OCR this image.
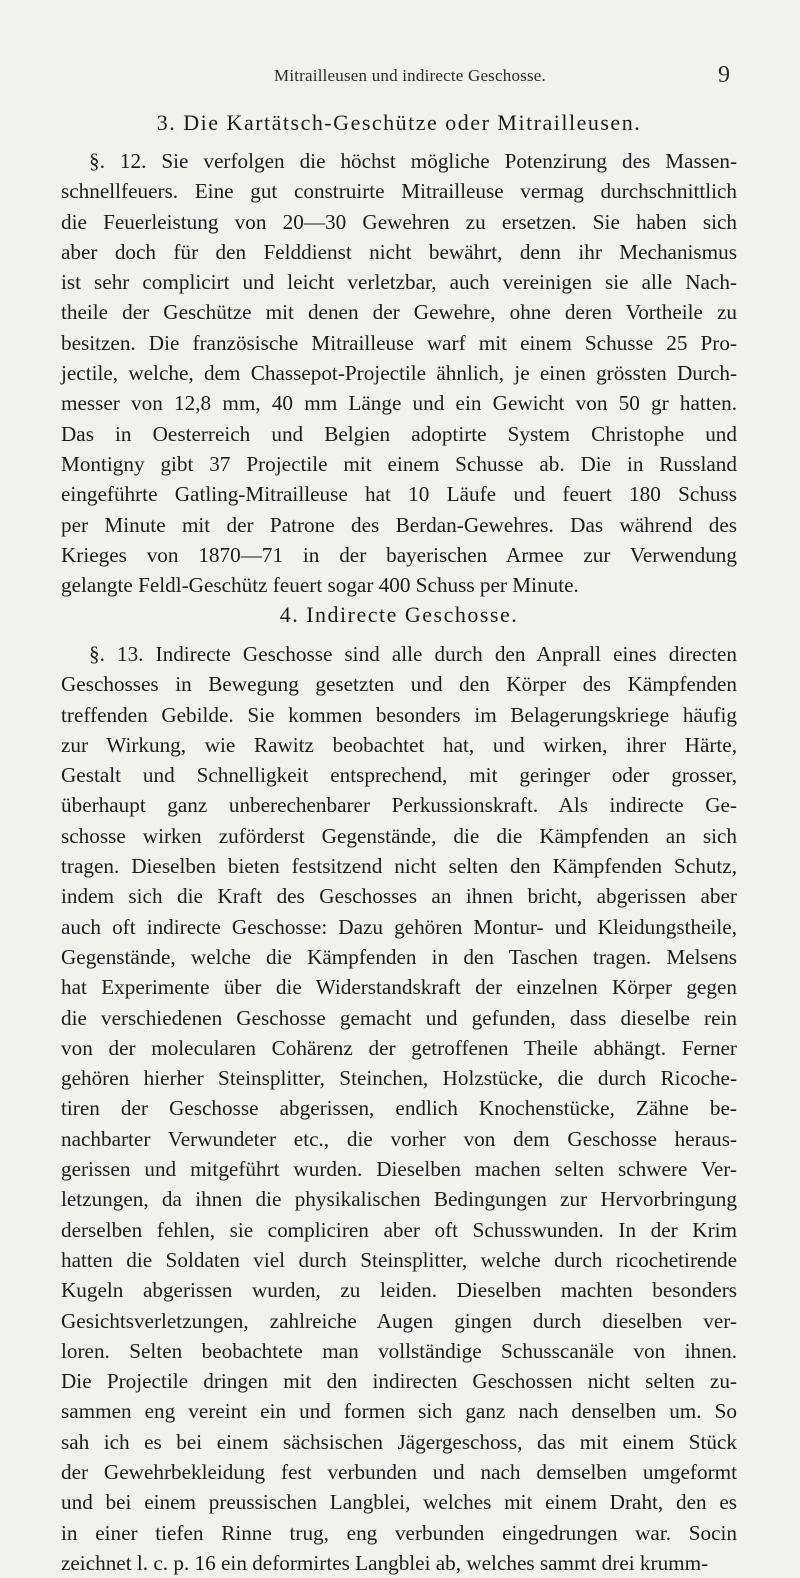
Mitrailleusen und indirecte Geschosse.	9
3. Die Kartätsch-Geschütze oder Mitrailleusen.
§. 12. Sie verfolgen die höchst mögliche Potenzirung des Massen-
schnellfeuers. Eine gut construirte Mitrailleuse vermag durchschnittlich
die Feuerleistung von 20—30 Gewehren zu ersetzen. Sie haben sich
aber doch für den Felddienst nicht bewährt, denn ihr Mechanismus
ist sehr complicirt und leicht verletzbar, auch vereinigen sie alle Nach-
theile der Geschütze mit denen der Gewehre, ohne deren Vortheile zu
besitzen. Die französische Mitrailleuse warf mit einem Schusse 25 Pro-
jectile, welche, dem Chassepot-Projectile ähnlich, je einen grössten Durch-
messer von 12,8 mm, 40 mm Länge und ein Gewicht von 50 gr hatten.
Das in Oesterreich und Belgien adoptirte System Christophe und
Montigny gibt 37 Projectile mit einem Schusse ab. Die in Russland
eingeführte Gatling-Mitrailleuse hat 10 Läufe und feuert 180 Schuss
per Minute mit der Patrone des Berdan-Gewehres. Das während des
Krieges von 1870—71 in der bayerischen Armee zur Verwendung
gelangte Feldl-Geschütz feuert sogar 400 Schuss per Minute.
4. Indirecte Geschosse.
§. 13. Indirecte Geschosse sind alle durch den Anprall eines directen
Geschosses in Bewegung gesetzten und den Körper des Kämpfenden
treffenden Gebilde. Sie kommen besonders im Belagerungskriege häufig
zur Wirkung, wie Rawitz beobachtet hat, und wirken, ihrer Härte,
Gestalt und Schnelligkeit entsprechend, mit geringer oder grosser,
überhaupt ganz unberechenbarer Perkussionskraft. Als indirecte Ge-
schosse wirken zuförderst Gegenstände, die die Kämpfenden an sich
tragen. Dieselben bieten festsitzend nicht selten den Kämpfenden Schutz,
indem sich die Kraft des Geschosses an ihnen bricht, abgerissen aber
auch oft indirecte Geschosse: Dazu gehören Montur- und Kleidungstheile,
Gegenstände, welche die Kämpfenden in den Taschen tragen. Melsens
hat Experimente über die Widerstandskraft der einzelnen Körper gegen
die verschiedenen Geschosse gemacht und gefunden, dass dieselbe rein
von der molecularen Cohärenz der getroffenen Theile abhängt. Ferner
gehören hierher Steinsplitter, Steinchen, Holzstücke, die durch Ricoche-
tiren der Geschosse abgerissen, endlich Knochenstücke, Zähne be-
nachbarter Verwundeter etc., die vorher von dem Geschosse heraus-
gerissen und mitgeführt wurden. Dieselben machen selten schwere Ver-
letzungen, da ihnen die physikalischen Bedingungen zur Hervorbringung
derselben fehlen, sie compliciren aber oft Schusswunden. In der Krim
hatten die Soldaten viel durch Steinsplitter, welche durch ricochetirende
Kugeln abgerissen wurden, zu leiden. Dieselben machten besonders
Gesichtsverletzungen, zahlreiche Augen gingen durch dieselben ver-
loren. Selten beobachtete man vollständige Schusscanäle von ihnen.
Die Projectile dringen mit den indirecten Geschossen nicht selten zu-
sammen eng vereint ein und formen sich ganz nach denselben um. So
sah ich es bei einem sächsischen Jägergeschoss, das mit einem Stück
der Gewehrbekleidung fest verbunden und nach demselben umgeformt
und bei einem preussischen Langblei, welches mit einem Draht, den es
in einer tiefen Rinne trug, eng verbunden eingedrungen war. Socin
zeichnet l. c. p. 16 ein deformirtes Langblei ab, welches sammt drei krumm-
